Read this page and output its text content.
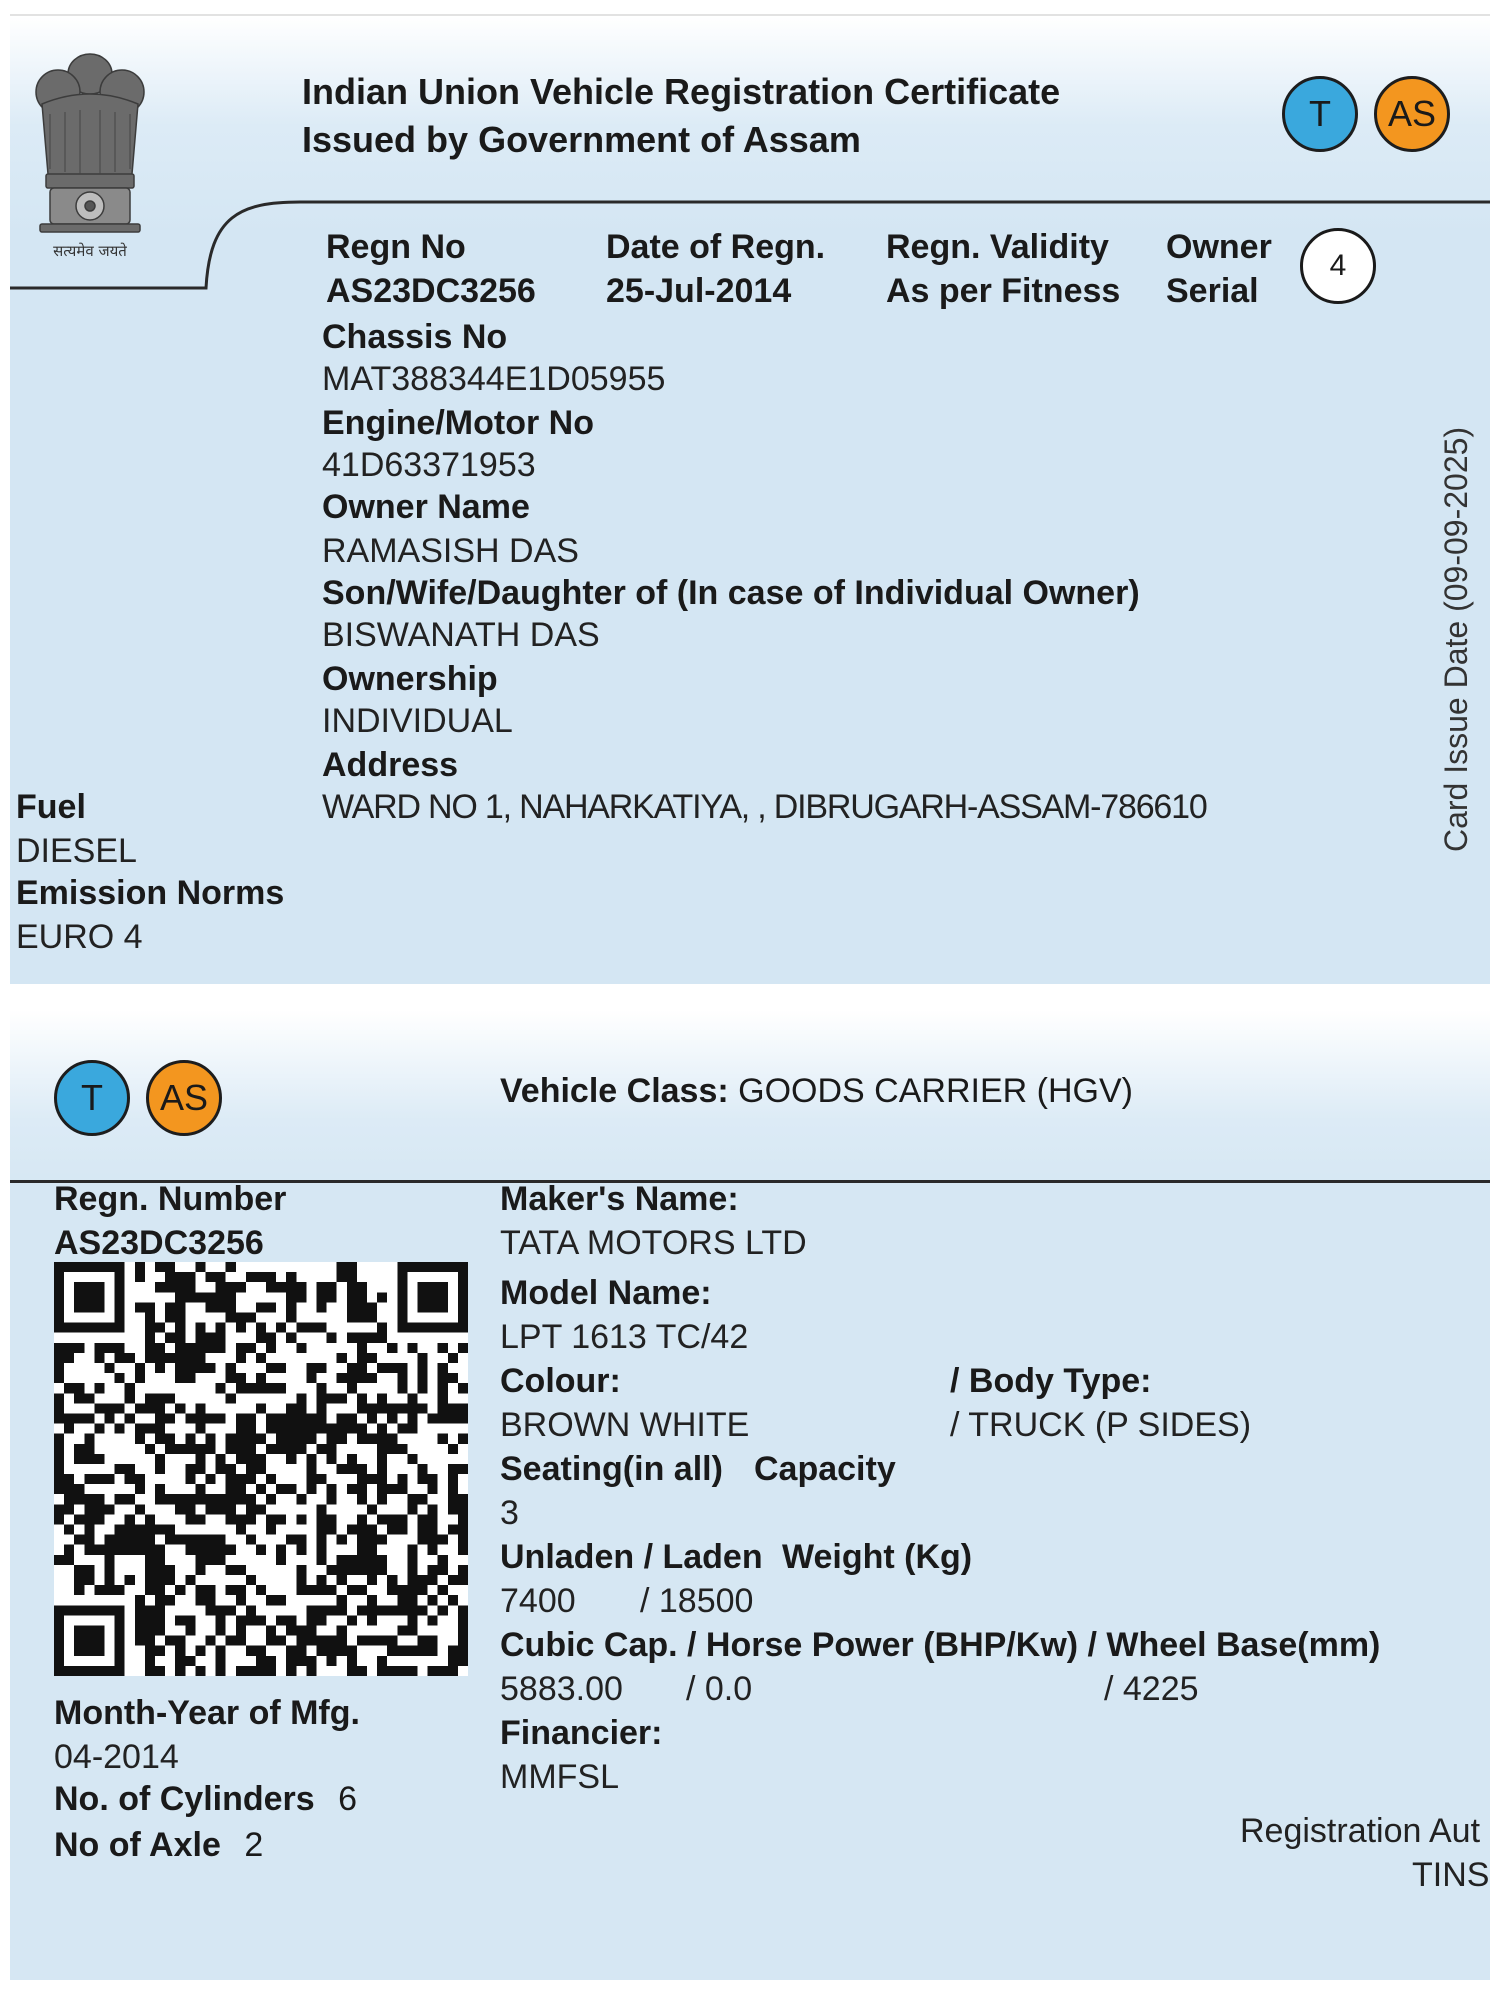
सत्यमेव जयते
Indian Union Vehicle Registration Certificate
Issued by Government of Assam
T	AS
Regn No
AS23DC3256
Date of Regn.
25-Jul-2014
Regn. Validity
As per Fitness
Owner
Serial
4
Chassis No
MAT388344E1D05955
Engine/Motor No
41D63371953
Owner Name
RAMASISH DAS
Son/Wife/Daughter of (In case of Individual Owner)
BISWANATH DAS
Ownership
INDIVIDUAL
Address
WARD NO 1, NAHARKATIYA, , DIBRUGARH-ASSAM-786610
Fuel
DIESEL
Emission Norms
EURO 4
Card Issue Date (09-09-2025)
T	AS	Vehicle Class: GOODS CARRIER (HGV)
Regn. Number
AS23DC3256
Month-Year of Mfg.
04-2014
No. of Cylinders 6
No of Axle 2
Maker's Name:
TATA MOTORS LTD
Model Name:
LPT 1613 TC/42
Colour:
BROWN WHITE
/ Body Type:
/ TRUCK (P SIDES)
Seating(in all) Capacity
3
Unladen / Laden Weight (Kg)
7400 / 18500
Cubic Cap. / Horse Power (BHP/Kw) / Wheel Base(mm)
5883.00 / 0.0	/ 4225
Financier:
MMFSL
Registration Aut
TINS
